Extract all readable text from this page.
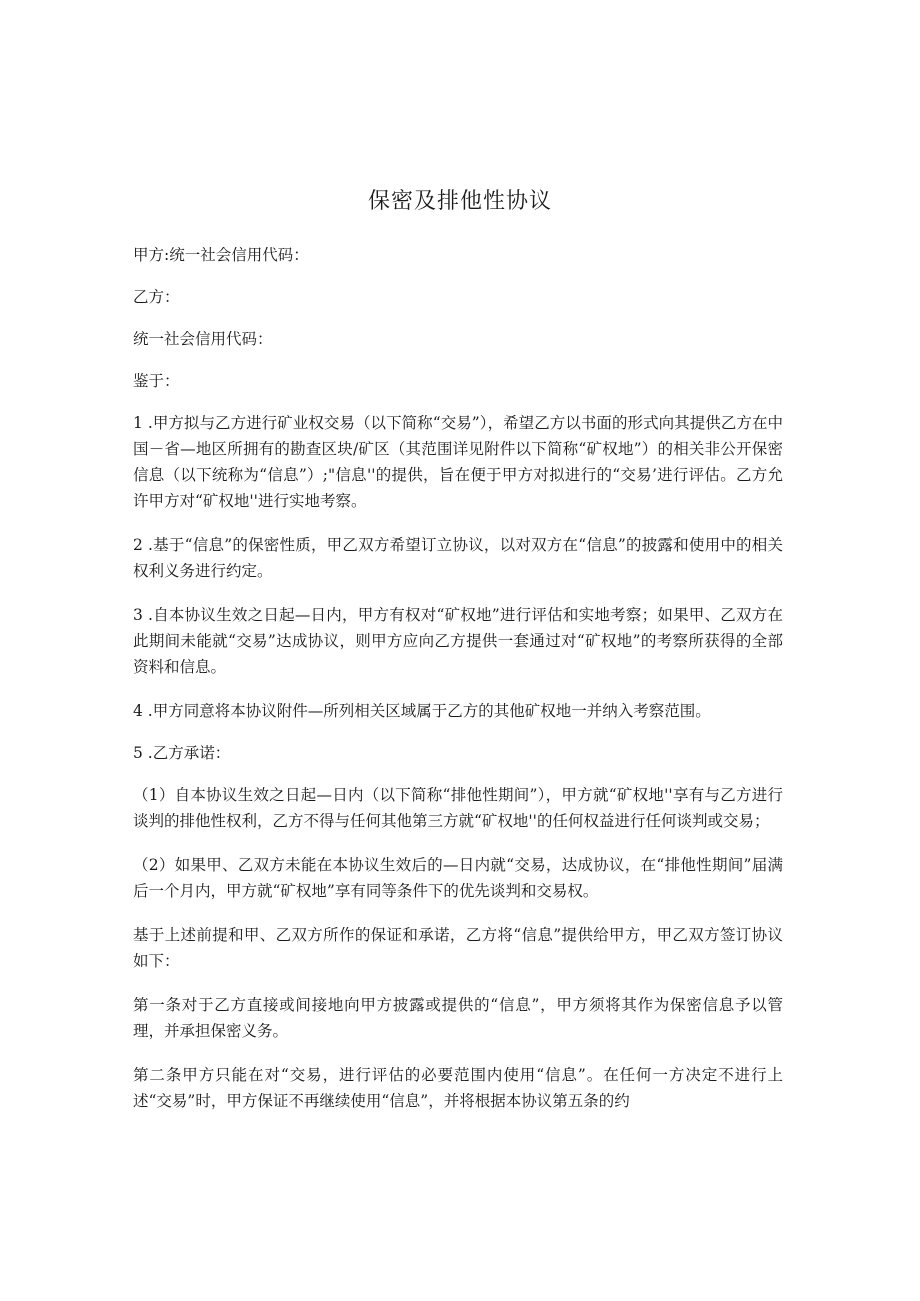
保密及排他性协议

甲方:统一社会信用代码：

乙方：

统一社会信用代码：

鉴于：

1 .甲方拟与乙方进行矿业权交易（以下简称“交易”），希望乙方以书面的形式向其提供乙方在中国－省—地区所拥有的勘查区块/矿区（其范围详见附件以下简称“矿权地”）的相关非公开保密信息（以下统称为“信息”）;"信息''的提供，旨在便于甲方对拟进行的“交易’进行评估。乙方允许甲方对“矿权地''进行实地考察。

2 .基于“信息”的保密性质，甲乙双方希望订立协议，以对双方在“信息”的披露和使用中的相关权利义务进行约定。

3 .自本协议生效之日起—日内，甲方有权对“矿权地”进行评估和实地考察；如果甲、乙双方在此期间未能就“交易”达成协议，则甲方应向乙方提供一套通过对“矿权地”的考察所获得的全部资料和信息。

4 .甲方同意将本协议附件—所列相关区域属于乙方的其他矿权地一并纳入考察范围。

5 .乙方承诺：

（1）自本协议生效之日起—日内（以下简称“排他性期间”），甲方就“矿权地''享有与乙方进行谈判的排他性权利，乙方不得与任何其他第三方就“矿权地''的任何权益进行任何谈判或交易；

（2）如果甲、乙双方未能在本协议生效后的—日内就“交易，达成协议，在“排他性期间”届满后一个月内，甲方就“矿权地”享有同等条件下的优先谈判和交易权。

基于上述前提和甲、乙双方所作的保证和承诺，乙方将“信息”提供给甲方，甲乙双方签订协议如下：

第一条对于乙方直接或间接地向甲方披露或提供的“信息”，甲方须将其作为保密信息予以管理，并承担保密义务。

第二条甲方只能在对“交易，进行评估的必要范围内使用“信息”。在任何一方决定不进行上述“交易”时，甲方保证不再继续使用“信息”，并将根据本协议第五条的约
